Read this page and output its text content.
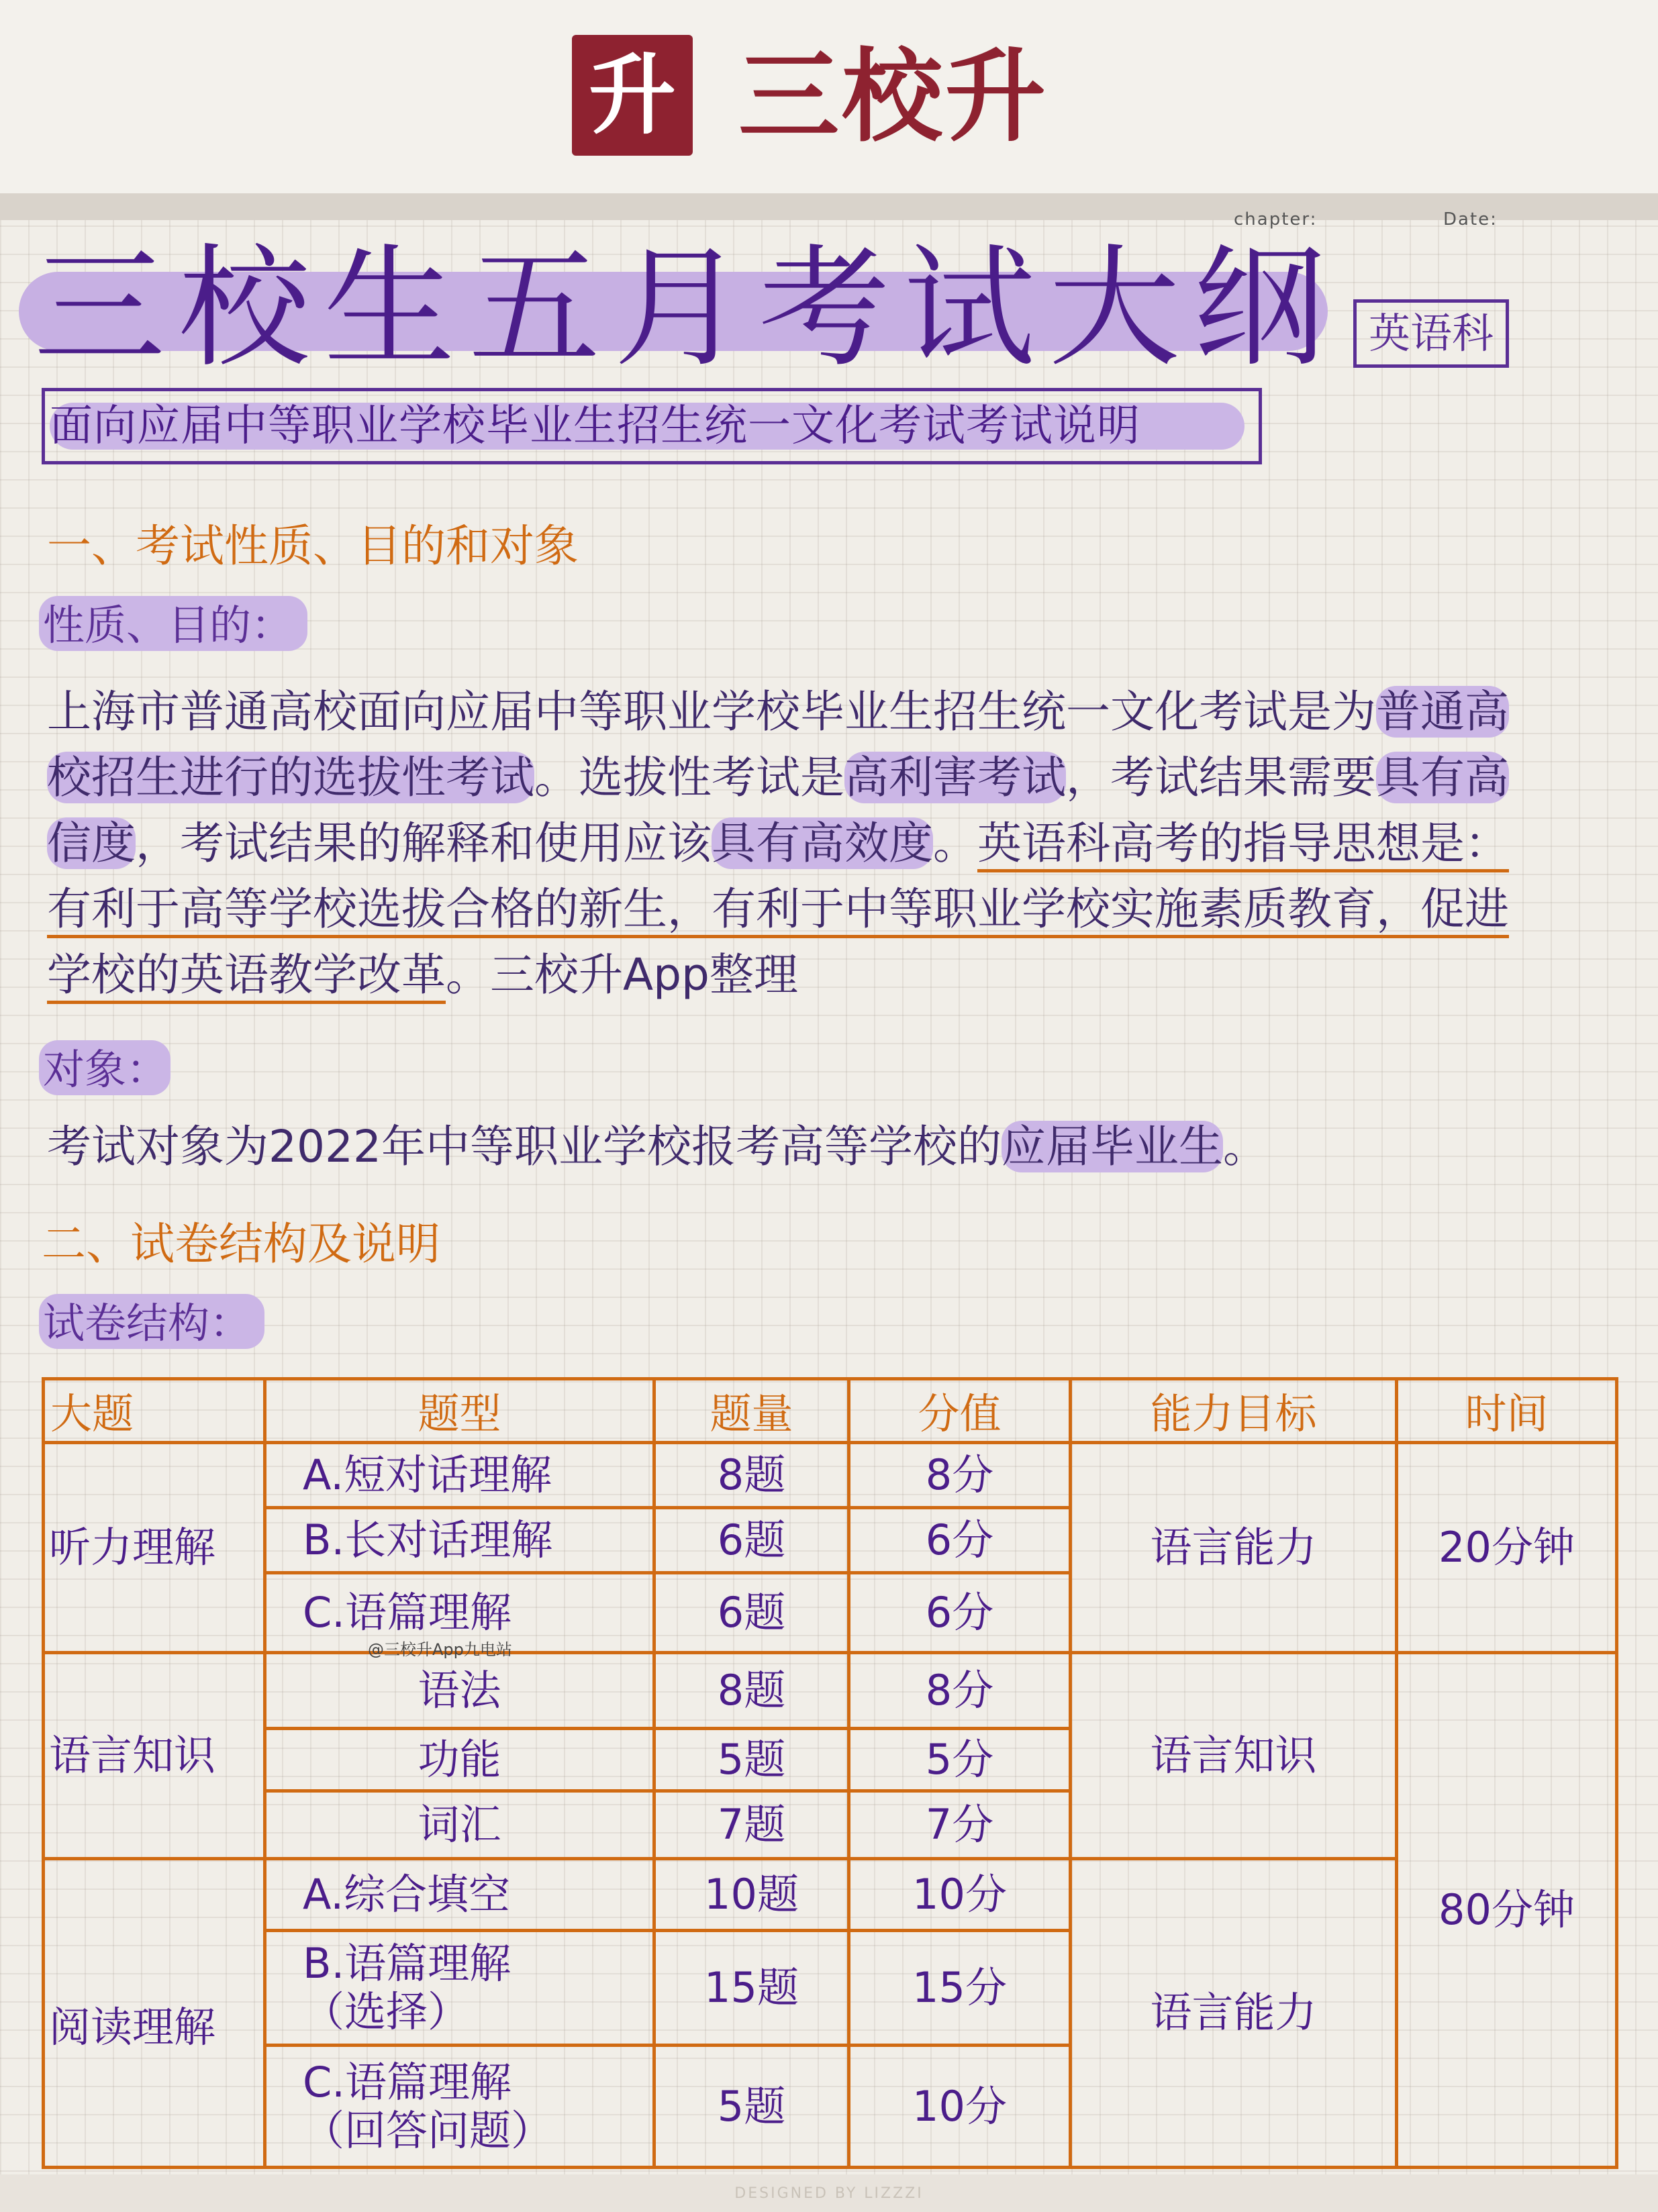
升 三校升
chapter:	Date:
三校生五月考试大纲 英语科
面向应届中等职业学校毕业生招生统一文化考试考试说明
一、考试性质、目的和对象
性质、目的：
上海市普通高校面向应届中等职业学校毕业生招生统一文化考试是为普通高
校招生进行的选拔性考试。选拔性考试是高利害考试，考试结果需要具有高
信度，考试结果的解释和使用应该具有高效度。英语科高考的指导思想是：
有利于高等学校选拔合格的新生，有利于中等职业学校实施素质教育，促进
学校的英语教学改革。三校升App整理
对象：
考试对象为2022年中等职业学校报考高等学校的应届毕业生。
二、试卷结构及说明
试卷结构：
大题	题型	题量	分值	能力目标	时间
听力理解	A.短对话理解	8题	8分	语言能力	20分钟
	B.长对话理解	6题	6分		
	C.语篇理解	6题	6分		
语言知识	语法	8题	8分	语言知识	80分钟
	功能	5题	5分		
	词汇	7题	7分		
阅读理解	A.综合填空	10题	10分	语言能力	
	B.语篇理解
（选择）	15题	15分		
	C.语篇理解
（回答问题）	5题	10分		
@三校升App九电站
DESIGNED BY LIZZZI
